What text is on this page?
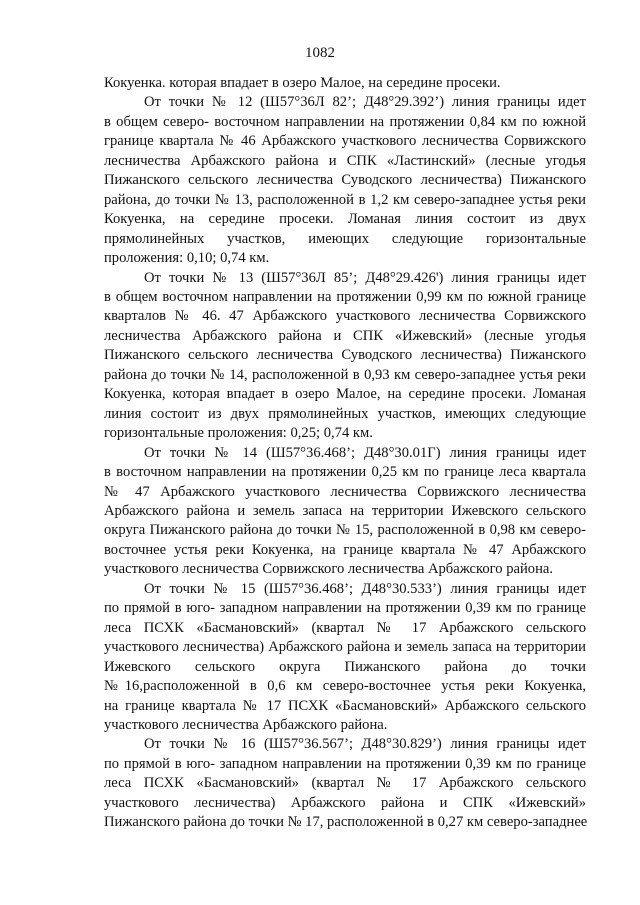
1082
Кокуенка. которая впадает в озеро Малое, на середине просеки.
От точки № 12 (Ш57°36Л 82’; Д48°29.392’) линия границы идет
в общем северо- восточном направлении на протяжении 0,84 км по южной
границе квартала № 46 Арбажского участкового лесничества Сорвижского
лесничества Арбажского района и СПК «Ластинский» (лесные угодья
Пижанского сельского лесничества Суводского лесничества) Пижанского
района, до точки № 13, расположенной в 1,2 км северо-западнее устья реки
Кокуенка, на середине просеки. Ломаная линия состоит из двух
прямолинейных участков, имеющих следующие горизонтальные
проложения: 0,10; 0,74 км.
От точки № 13 (Ш57°36Л 85’; Д48°29.426') линия границы идет
в общем восточном направлении на протяжении 0,99 км по южной границе
кварталов № 46. 47 Арбажского участкового лесничества Сорвижского
лесничества Арбажского района и СПК «Ижевский» (лесные угодья
Пижанского сельского лесничества Суводского лесничества) Пижанского
района до точки № 14, расположенной в 0,93 км северо-западнее устья реки
Кокуенка, которая впадает в озеро Малое, на середине просеки. Ломаная
линия состоит из двух прямолинейных участков, имеющих следующие
горизонтальные проложения: 0,25; 0,74 км.
От точки № 14 (Ш57°36.468’; Д48°30.01Г) линия границы идет
в восточном направлении на протяжении 0,25 км по границе леса квартала
№ 47 Арбажского участкового лесничества Сорвижского лесничества
Арбажского района и земель запаса на территории Ижевского сельского
округа Пижанского района до точки № 15, расположенной в 0,98 км северо-
восточнее устья реки Кокуенка, на границе квартала № 47 Арбажского
участкового лесничества Сорвижского лесничества Арбажского района.
От точки № 15 (Ш57°36.468’; Д48°30.533’) линия границы идет
по прямой в юго- западном направлении на протяжении 0,39 км по границе
леса ПСХК «Басмановский» (квартал № 17 Арбажского сельского
участкового лесничества) Арбажского района и земель запаса на территории
Ижевского сельского округа Пижанского района до точки
№16,расположенной в 0,6 км северо-восточнее устья реки Кокуенка,
на границе квартала № 17 ПСХК «Басмановский» Арбажского сельского
участкового лесничества Арбажского района.
От точки № 16 (Ш57°36.567’; Д48°30.829’) линия границы идет
по прямой в юго- западном направлении на протяжении 0,39 км по границе
леса ПСХК «Басмановский» (квартал № 17 Арбажского сельского
участкового лесничества) Арбажского района и СПК «Ижевский»
Пижанского района до точки № 17, расположенной в 0,27 км северо-западнее
